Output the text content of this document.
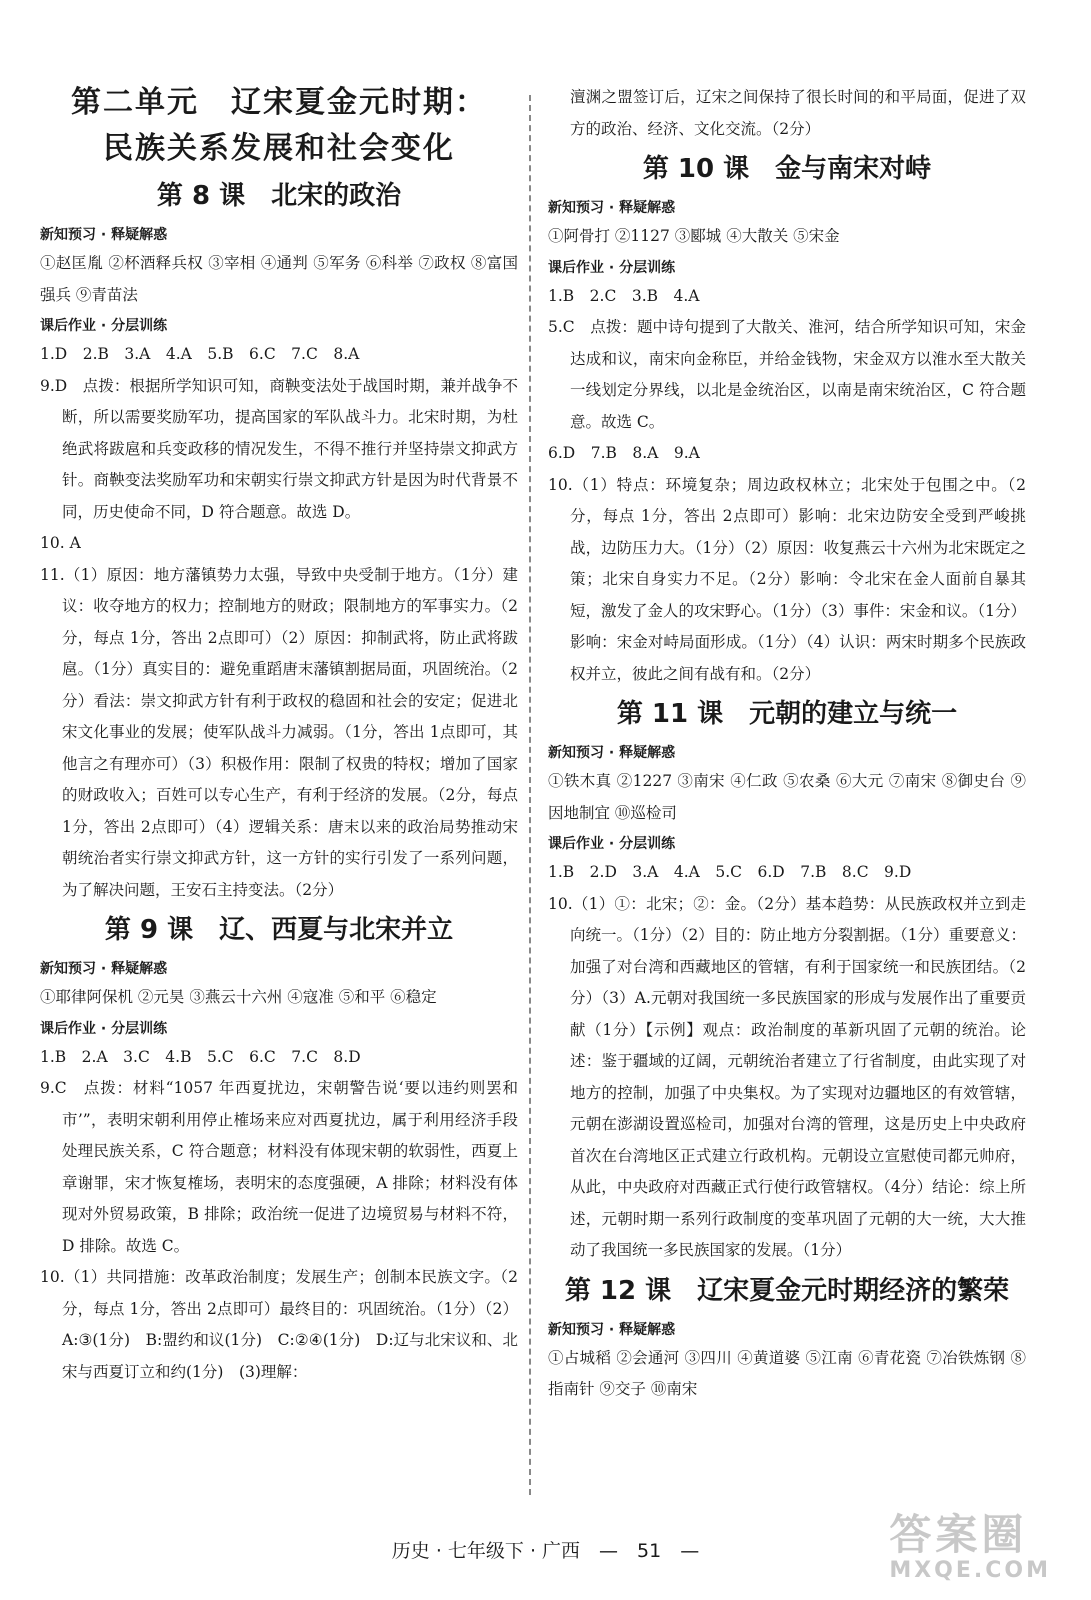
第二单元　辽宋夏金元时期：
民族关系发展和社会变化
第 8 课　北宋的政治
新知预习 · 释疑解惑

①赵匡胤 ②杯酒释兵权 ③宰相 ④通判 ⑤军务 ⑥科举 ⑦政权 ⑧富国强兵 ⑨青苗法

课后作业 · 分层训练

1.D　2.B　3.A　4.A　5.B　6.C　7.C　8.A

9.D　点拨：根据所学知识可知，商鞅变法处于战国时期，兼并战争不断，所以需要奖励军功，提高国家的军队战斗力。北宋时期，为杜绝武将跋扈和兵变政移的情况发生，不得不推行并坚持崇文抑武方针。商鞅变法奖励军功和宋朝实行崇文抑武方针是因为时代背景不同，历史使命不同，D 符合题意。故选 D。

10. A

11.（1）原因：地方藩镇势力太强，导致中央受制于地方。（1分）建议：收夺地方的权力；控制地方的财政；限制地方的军事实力。（2分，每点 1分，答出 2点即可）（2）原因：抑制武将，防止武将跋扈。（1分）真实目的：避免重蹈唐末藩镇割据局面，巩固统治。（2分）看法：崇文抑武方针有利于政权的稳固和社会的安定；促进北宋文化事业的发展；使军队战斗力减弱。（1分，答出 1点即可，其他言之有理亦可）（3）积极作用：限制了权贵的特权；增加了国家的财政收入；百姓可以专心生产，有利于经济的发展。（2分，每点 1分，答出 2点即可）（4）逻辑关系：唐末以来的政治局势推动宋朝统治者实行崇文抑武方针，这一方针的实行引发了一系列问题，为了解决问题，王安石主持变法。（2分）

第 9 课　辽、西夏与北宋并立
新知预习 · 释疑解惑

①耶律阿保机 ②元昊 ③燕云十六州 ④寇准 ⑤和平 ⑥稳定

课后作业 · 分层训练

1.B　2.A　3.C　4.B　5.C　6.C　7.C　8.D

9.C　点拨：材料“1057 年西夏扰边，宋朝警告说‘要以违约则罢和市’”，表明宋朝利用停止榷场来应对西夏扰边，属于利用经济手段处理民族关系，C 符合题意；材料没有体现宋朝的软弱性，西夏上章谢罪，宋才恢复榷场，表明宋的态度强硬，A 排除；材料没有体现对外贸易政策，B 排除；政治统一促进了边境贸易与材料不符，D 排除。故选 C。

10.（1）共同措施：改革政治制度；发展生产；创制本民族文字。（2分，每点 1分，答出 2点即可）最终目的：巩固统治。（1分）（2）A:③(1分)　B:盟约和议(1分)　C:②④(1分)　D:辽与北宋议和、北宋与西夏订立和约(1分)　(3)理解：

澶渊之盟签订后，辽宋之间保持了很长时间的和平局面，促进了双方的政治、经济、文化交流。（2分）

第 10 课　金与南宋对峙
新知预习 · 释疑解惑

①阿骨打 ②1127 ③郾城 ④大散关 ⑤宋金

课后作业 · 分层训练

1.B　2.C　3.B　4.A

5.C　点拨：题中诗句提到了大散关、淮河，结合所学知识可知，宋金达成和议，南宋向金称臣，并给金钱物，宋金双方以淮水至大散关一线划定分界线，以北是金统治区，以南是南宋统治区，C 符合题意。故选 C。

6.D　7.B　8.A　9.A

10.（1）特点：环境复杂；周边政权林立；北宋处于包围之中。（2分，每点 1分，答出 2点即可）影响：北宋边防安全受到严峻挑战，边防压力大。（1分）（2）原因：收复燕云十六州为北宋既定之策；北宋自身实力不足。（2分）影响：令北宋在金人面前自暴其短，激发了金人的攻宋野心。（1分）（3）事件：宋金和议。（1分）影响：宋金对峙局面形成。（1分）（4）认识：两宋时期多个民族政权并立，彼此之间有战有和。（2分）

第 11 课　元朝的建立与统一
新知预习 · 释疑解惑

①铁木真 ②1227 ③南宋 ④仁政 ⑤农桑 ⑥大元 ⑦南宋 ⑧御史台 ⑨因地制宜 ⑩巡检司

课后作业 · 分层训练

1.B　2.D　3.A　4.A　5.C　6.D　7.B　8.C　9.D

10.（1）①：北宋；②：金。（2分）基本趋势：从民族政权并立到走向统一。（1分）（2）目的：防止地方分裂割据。（1分）重要意义：加强了对台湾和西藏地区的管辖，有利于国家统一和民族团结。（2分）（3）A.元朝对我国统一多民族国家的形成与发展作出了重要贡献（1分）【示例】观点：政治制度的革新巩固了元朝的统治。论述：鉴于疆域的辽阔，元朝统治者建立了行省制度，由此实现了对地方的控制，加强了中央集权。为了实现对边疆地区的有效管辖，元朝在澎湖设置巡检司，加强对台湾的管理，这是历史上中央政府首次在台湾地区正式建立行政机构。元朝设立宣慰使司都元帅府，从此，中央政府对西藏正式行使行政管辖权。（4分）结论：综上所述，元朝时期一系列行政制度的变革巩固了元朝的大一统，大大推动了我国统一多民族国家的发展。（1分）

第 12 课　辽宋夏金元时期经济的繁荣
新知预习 · 释疑解惑

①占城稻 ②会通河 ③四川 ④黄道婆 ⑤江南 ⑥青花瓷 ⑦冶铁炼钢 ⑧指南针 ⑨交子 ⑩南宋

历史 · 七年级下 · 广西　—　51　—	答案圈
MXQE.COM
